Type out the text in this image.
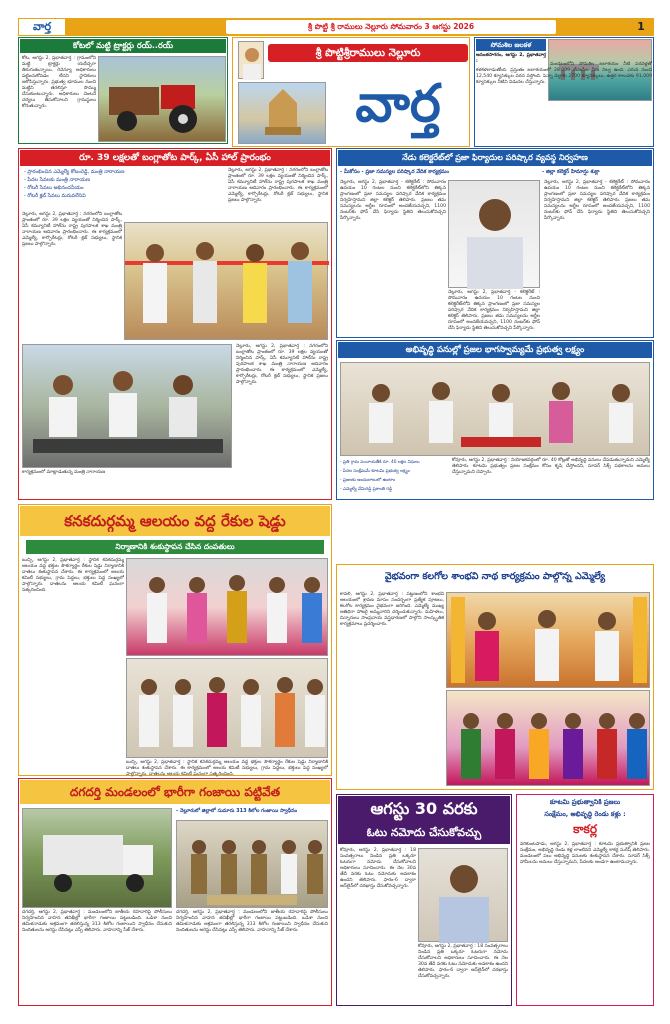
వార్త	శ్రీ పొట్టి శ్రీ రాములు నెల్లూరు సోమవారం 3 ఆగస్టు 2026	1
కోటలో మట్టి ట్రాక్టర్లు రయ్..రయ్
కోట, ఆగస్టు 2, ప్రభాతవార్త : గ్రామంలోని మట్టి ట్రాక్టర్లు యథేచ్ఛగా తిరుగుతున్నాయి. రెవెన్యూ అధికారులు పట్టించుకోవడం లేదని స్థానికులు ఆరోపిస్తున్నారు. ప్రభుత్వ భూముల నుంచి మట్టిని తరలిస్తూ సొమ్ము చేసుకుంటున్నారు. అధికారులు వెంటనే చర్యలు తీసుకోవాలని గ్రామస్థులు కోరుతున్నారు.
శ్రీ పొట్టిశ్రీరాములు నెల్లూరు
వార్త
సోమశిల జలకళ
అనంతసాగరం, ఆగస్టు 2, ప్రభాతవార్త :
మండలంలోని సోమశిల జలాశయం నీటి పరవళ్లతో కళకళలాడుతోంది. ప్రస్తుతం జలాశయంలో 28.009 టీఎంసీల నీరు నిల్వ ఉంది. ఎగువ నుంచి 12,540 క్యూసెక్కుల వరద వస్తోంది. పెన్నా డెల్టాకు 2700 క్యూసెక్కులు, ఉత్తర కాలువకు 91,009 క్యూసెక్కుల నీటిని విడుదల చేస్తున్నారు.
రూ. 39 లక్షలతో బంగ్లాతోట పార్క్, ఏసీ హాల్ ప్రారంభం
- ప్రారంభించిన ఎమ్మెల్యే కోటంరెడ్డి, మంత్రి నారాయణ
- పేదల సేవలకు మంత్రి నారాయణ
- రోటరీ సేవలు అభినందనీయం
- రోటరీ క్లబ్ సేవలు మరువలేనివి
నెల్లూరు, ఆగస్టు 2, ప్రభాతవార్త : నగరంలోని బంగ్లాతోట ప్రాంతంలో రూ. 39 లక్షల వ్యయంతో నిర్మించిన పార్క్, ఏసీ కమ్యూనిటీ హాల్‌ను రాష్ట్ర పురపాలక శాఖ మంత్రి నారాయణ ఆదివారం ప్రారంభించారు. ఈ కార్యక్రమంలో ఎమ్మెల్యే, కార్పొరేటర్లు, రోటరీ క్లబ్ సభ్యులు, స్థానిక ప్రజలు పాల్గొన్నారు.
నెల్లూరు, ఆగస్టు 2, ప్రభాతవార్త : నగరంలోని బంగ్లాతోట ప్రాంతంలో రూ. 39 లక్షల వ్యయంతో నిర్మించిన పార్క్, ఏసీ కమ్యూనిటీ హాల్‌ను రాష్ట్ర పురపాలక శాఖ మంత్రి నారాయణ ఆదివారం ప్రారంభించారు. ఈ కార్యక్రమంలో ఎమ్మెల్యే, కార్పొరేటర్లు, రోటరీ క్లబ్ సభ్యులు, స్థానిక ప్రజలు పాల్గొన్నారు.
నెల్లూరు, ఆగస్టు 2, ప్రభాతవార్త : నగరంలోని బంగ్లాతోట ప్రాంతంలో రూ. 39 లక్షల వ్యయంతో నిర్మించిన పార్క్, ఏసీ కమ్యూనిటీ హాల్‌ను రాష్ట్ర పురపాలక శాఖ మంత్రి నారాయణ ఆదివారం ప్రారంభించారు. ఈ కార్యక్రమంలో ఎమ్మెల్యే, కార్పొరేటర్లు, రోటరీ క్లబ్ సభ్యులు, స్థానిక ప్రజలు పాల్గొన్నారు.
కార్యక్రమంలో మాట్లాడుతున్న మంత్రి నారాయణ
నేడు కలెక్టరేట్‌లో ప్రజా ఫిర్యాదుల పరిష్కార వ్యవస్థ నిర్వహణ
- మీకోసం - ప్రజా సమస్యల పరిష్కార వేదిక కార్యక్రమం	- జిల్లా కలెక్టర్ హిమాన్షు శుక్లా
నెల్లూరు, ఆగస్టు 2, ప్రభాతవార్త - కలెక్టరేట్ : సోమవారం ఉదయం 10 గంటల నుంచి కలెక్టరేట్‌లోని తిక్కన ప్రాంగణంలో ప్రజా సమస్యల పరిష్కార వేదిక కార్యక్రమం నిర్వహిస్తామని జిల్లా కలెక్టర్ తెలిపారు. ప్రజలు తమ సమస్యలను అర్జీల రూపంలో అందజేయవచ్చని, 1100 నంబర్‌కు ఫోన్ చేసి ఫిర్యాదు స్థితిని తెలుసుకోవచ్చని పేర్కొన్నారు.
నెల్లూరు, ఆగస్టు 2, ప్రభాతవార్త - కలెక్టరేట్ : సోమవారం ఉదయం 10 గంటల నుంచి కలెక్టరేట్‌లోని తిక్కన ప్రాంగణంలో ప్రజా సమస్యల పరిష్కార వేదిక కార్యక్రమం నిర్వహిస్తామని జిల్లా కలెక్టర్ తెలిపారు. ప్రజలు తమ సమస్యలను అర్జీల రూపంలో అందజేయవచ్చని, 1100 నంబర్‌కు ఫోన్ చేసి ఫిర్యాదు స్థితిని తెలుసుకోవచ్చని పేర్కొన్నారు.
నెల్లూరు, ఆగస్టు 2, ప్రభాతవార్త - కలెక్టరేట్ : సోమవారం ఉదయం 10 గంటల నుంచి కలెక్టరేట్‌లోని తిక్కన ప్రాంగణంలో ప్రజా సమస్యల పరిష్కార వేదిక కార్యక్రమం నిర్వహిస్తామని జిల్లా కలెక్టర్ తెలిపారు. ప్రజలు తమ సమస్యలను అర్జీల రూపంలో అందజేయవచ్చని, 1100 నంబర్‌కు ఫోన్ చేసి ఫిర్యాదు స్థితిని తెలుసుకోవచ్చని పేర్కొన్నారు.
అభివృద్ధి పనుల్లో ప్రజల భాగస్వామ్యమే ప్రభుత్వ లక్ష్యం
- ప్రతి గ్రామ పంచాయతీకి రూ. 40 లక్షల నిధులు
- పేదల సంక్షేమమే కూటమి ప్రభుత్వ లక్ష్యం
- ప్రజలకు అందుబాటులో ఉంటాం
- ఎమ్మెల్యే వేమిరెడ్డి ప్రశాంతి రెడ్డి
కోవూరు, ఆగస్టు 2, ప్రభాతవార్త : నియోజకవర్గంలో రూ. 40 కోట్లతో అభివృద్ధి పనులు చేపడుతున్నామని ఎమ్మెల్యే తెలిపారు. కూటమి ప్రభుత్వం ప్రజల సంక్షేమం కోసం కృషి చేస్తోందని, సూపర్ సిక్స్ పథకాలను అమలు చేస్తున్నామని చెప్పారు.
కనకదుర్గమ్మ ఆలయం వద్ద రేకుల షెడ్డు
నిర్మాణానికి శంకుస్థాపన చేసిన దంపతులు
బుచ్చి, ఆగస్టు 2, ప్రభాతవార్త : స్థానిక కనకదుర్గమ్మ ఆలయం వద్ద భక్తుల సౌకర్యార్థం రేకుల షెడ్డు నిర్మాణానికి దాతలు శంకుస్థాపన చేశారు. ఈ కార్యక్రమంలో ఆలయ కమిటీ సభ్యులు, గ్రామ పెద్దలు, భక్తులు పెద్ద సంఖ్యలో పాల్గొన్నారు. దాతలను ఆలయ కమిటీ ఘనంగా సత్కరించింది.
బుచ్చి, ఆగస్టు 2, ప్రభాతవార్త : స్థానిక కనకదుర్గమ్మ ఆలయం వద్ద భక్తుల సౌకర్యార్థం రేకుల షెడ్డు నిర్మాణానికి దాతలు శంకుస్థాపన చేశారు. ఈ కార్యక్రమంలో ఆలయ కమిటీ సభ్యులు, గ్రామ పెద్దలు, భక్తులు పెద్ద సంఖ్యలో పాల్గొన్నారు. దాతలను ఆలయ కమిటీ ఘనంగా సత్కరించింది.
వైభవంగా కలగోల శాంభవి నాథ కార్యక్రమం పాల్గొన్న ఎమ్మెల్యే
కావలి, ఆగస్టు 2, ప్రభాతవార్త : పట్టణంలోని శాంభవి ఆలయంలో శ్రావణ మాసం సందర్భంగా ప్రత్యేక పూజలు, కలగోల కార్యక్రమం వైభవంగా జరిగింది. ఎమ్మెల్యే ముఖ్య అతిథిగా హాజరై అమ్మవారిని దర్శించుకున్నారు. మహిళలు, చిన్నారులు సాంప్రదాయ వస్త్రధారణలో పాల్గొని సాంస్కృతిక కార్యక్రమాలు ప్రదర్శించారు.
దగదర్తి మండలంలో భారీగా గంజాయి పట్టివేత
- నెల్లూరులో జిల్లాలో సుమారు 313 కిలోల గంజాయి స్వాధీనం
దగదర్తి, ఆగస్టు 2, ప్రభాతవార్త : మండలంలోని జాతీయ రహదారిపై పోలీసులు నిర్వహించిన వాహన తనిఖీల్లో భారీగా గంజాయి పట్టుబడింది. ఒడిశా నుంచి తమిళనాడుకు అక్రమంగా తరలిస్తున్న 313 కిలోల గంజాయిని స్వాధీనం చేసుకుని నిందితులను అరెస్టు చేసినట్లు ఎస్పీ తెలిపారు. వాహనాన్ని సీజ్ చేశారు.
దగదర్తి, ఆగస్టు 2, ప్రభాతవార్త : మండలంలోని జాతీయ రహదారిపై పోలీసులు నిర్వహించిన వాహన తనిఖీల్లో భారీగా గంజాయి పట్టుబడింది. ఒడిశా నుంచి తమిళనాడుకు అక్రమంగా తరలిస్తున్న 313 కిలోల గంజాయిని స్వాధీనం చేసుకుని నిందితులను అరెస్టు చేసినట్లు ఎస్పీ తెలిపారు. వాహనాన్ని సీజ్ చేశారు.
ఆగస్టు 30 వరకు
ఓటు నమోదు చేసుకోవచ్చు
కోవూరు, ఆగస్టు 2, ప్రభాతవార్త : 18 సంవత్సరాలు నిండిన ప్రతి ఒక్కరూ ఓటరుగా నమోదు చేసుకోవాలని అధికారులు సూచించారు. ఈ నెల 30వ తేదీ వరకు ఓటు నమోదుకు అవకాశం ఉందని తెలిపారు. ఫారం-6 ద్వారా ఆన్‌లైన్‌లో దరఖాస్తు చేసుకోవచ్చన్నారు.
కోవూరు, ఆగస్టు 2, ప్రభాతవార్త : 18 సంవత్సరాలు నిండిన ప్రతి ఒక్కరూ ఓటరుగా నమోదు చేసుకోవాలని అధికారులు సూచించారు. ఈ నెల 30వ తేదీ వరకు ఓటు నమోదుకు అవకాశం ఉందని తెలిపారు. ఫారం-6 ద్వారా ఆన్‌లైన్‌లో దరఖాస్తు చేసుకోవచ్చన్నారు.
కూటమి ప్రభుత్వానికి ప్రజలు
సంక్షేమం, అభివృద్ధి రెండు కళ్లు :
కాకర్ల
వరికుంటపాడు, ఆగస్టు 2, ప్రభాతవార్త : కూటమి ప్రభుత్వానికి ప్రజల సంక్షేమం, అభివృద్ధి రెండు కళ్ల లాంటివని ఎమ్మెల్యే కాకర్ల సురేష్ తెలిపారు. మండలంలో పలు అభివృద్ధి పనులకు శంకుస్థాపన చేశారు. సూపర్ సిక్స్ హామీలను అమలు చేస్తున్నామని, పేదలకు అండగా ఉంటామన్నారు.
